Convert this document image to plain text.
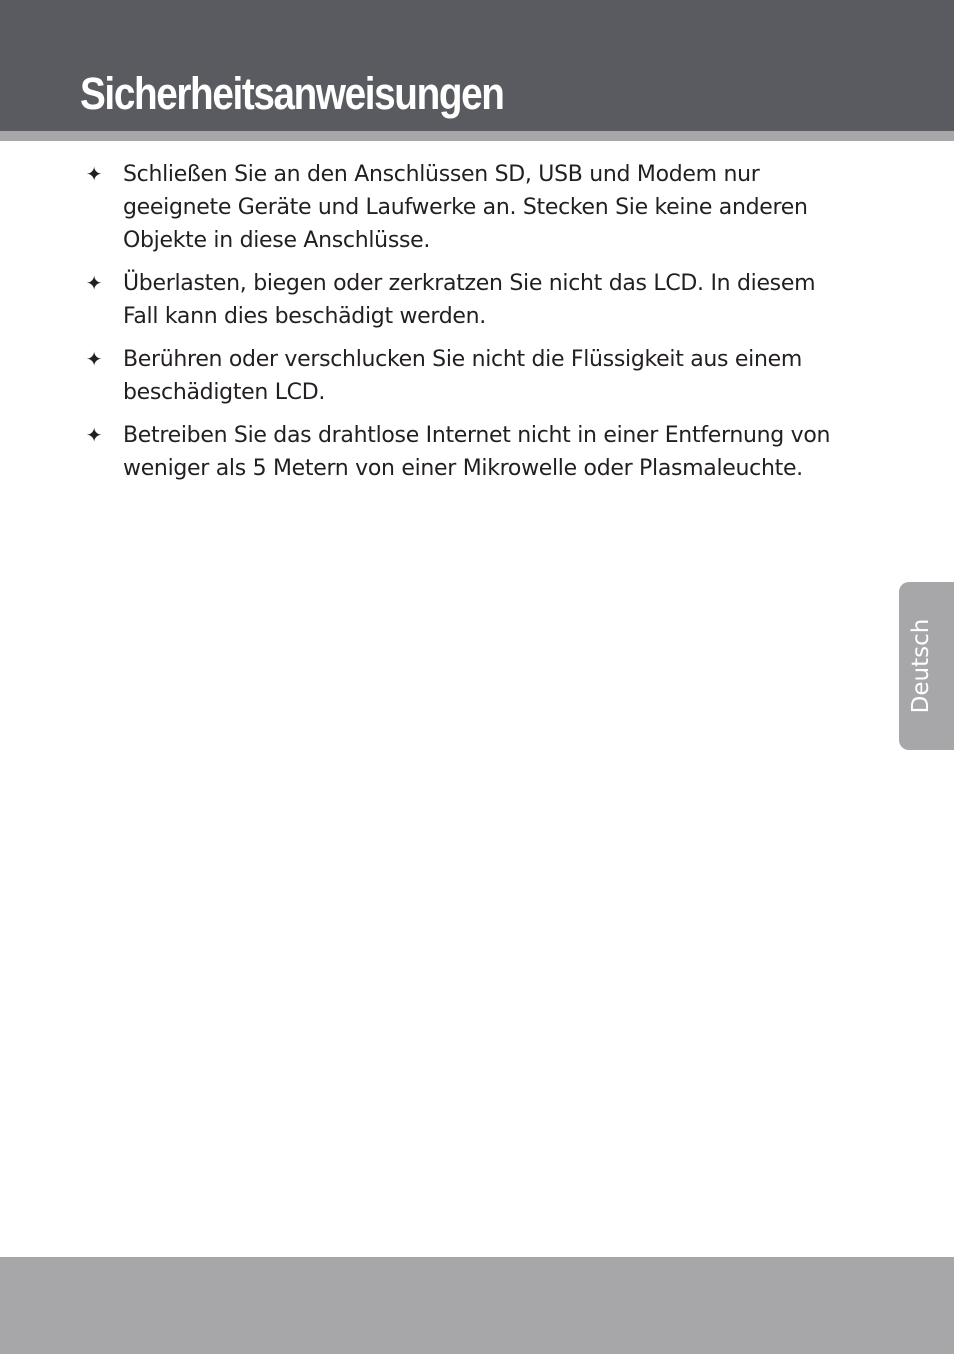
Sicherheitsanweisungen
✦ Schließen Sie an den Anschlüssen SD, USB und Modem nur
geeignete Geräte und Laufwerke an. Stecken Sie keine anderen
Objekte in diese Anschlüsse.
✦ Überlasten, biegen oder zerkratzen Sie nicht das LCD. In diesem
Fall kann dies beschädigt werden.
✦ Berühren oder verschlucken Sie nicht die Flüssigkeit aus einem
beschädigten LCD.
✦ Betreiben Sie das drahtlose Internet nicht in einer Entfernung von
weniger als 5 Metern von einer Mikrowelle oder Plasmaleuchte.
Deutsch
